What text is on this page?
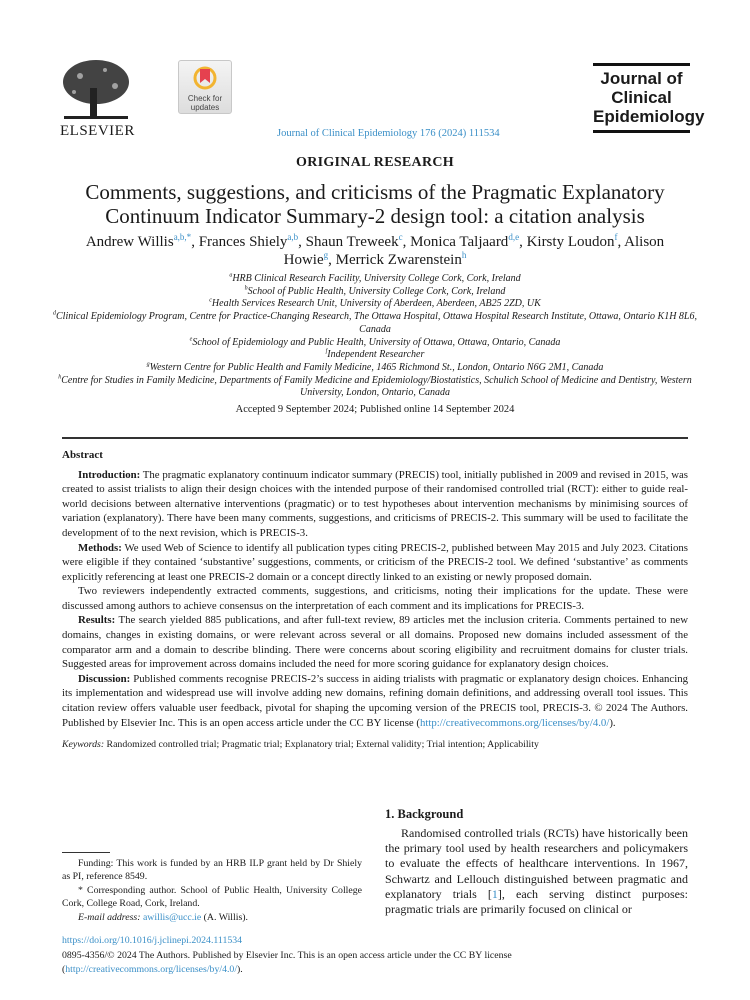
ELSEVIER
Check for updates
Journal of Clinical Epidemiology 176 (2024) 111534
Journal of
Clinical
Epidemiology
ORIGINAL RESEARCH
Comments, suggestions, and criticisms of the Pragmatic Explanatory Continuum Indicator Summary-2 design tool: a citation analysis
Andrew Willis$^{a,b,*}$, Frances Shiely$^{a,b}$, Shaun Treweek$^c$, Monica Taljaard$^{d,e}$, Kirsty Loudon$^f$, Alison Howie$^g$, Merrick Zwarenstein$^h$
$^a$HRB Clinical Research Facility, University College Cork, Cork, Ireland
$^b$School of Public Health, University College Cork, Cork, Ireland
$^c$Health Services Research Unit, University of Aberdeen, Aberdeen, AB25 2ZD, UK
$^d$Clinical Epidemiology Program, Centre for Practice-Changing Research, The Ottawa Hospital, Ottawa Hospital Research Institute, Ottawa, Ontario K1H 8L6, Canada
$^e$School of Epidemiology and Public Health, University of Ottawa, Ottawa, Ontario, Canada
$^f$Independent Researcher
$^g$Western Centre for Public Health and Family Medicine, 1465 Richmond St., London, Ontario N6G 2M1, Canada
$^h$Centre for Studies in Family Medicine, Departments of Family Medicine and Epidemiology/Biostatistics, Schulich School of Medicine and Dentistry, Western University, London, Ontario, Canada
Accepted 9 September 2024; Published online 14 September 2024
Abstract

Introduction: The pragmatic explanatory continuum indicator summary (PRECIS) tool, initially published in 2009 and revised in 2015, was created to assist trialists to align their design choices with the intended purpose of their randomised controlled trial (RCT): either to guide real-world decisions between alternative interventions (pragmatic) or to test hypotheses about intervention mechanisms by minimising sources of variation (explanatory). There have been many comments, suggestions, and criticisms of PRECIS-2. This summary will be used to facilitate the development of to the next revision, which is PRECIS-3.

Methods: We used Web of Science to identify all publication types citing PRECIS-2, published between May 2015 and July 2023. Citations were eligible if they contained ‘substantive’ suggestions, comments, or criticism of the PRECIS-2 tool. We defined ‘substantive’ as comments explicitly referencing at least one PRECIS-2 domain or a concept directly linked to an existing or newly proposed domain.

Two reviewers independently extracted comments, suggestions, and criticisms, noting their implications for the update. These were discussed among authors to achieve consensus on the interpretation of each comment and its implications for PRECIS-3.

Results: The search yielded 885 publications, and after full-text review, 89 articles met the inclusion criteria. Comments pertained to new domains, changes in existing domains, or were relevant across several or all domains. Proposed new domains included assessment of the comparator arm and a domain to describe blinding. There were concerns about scoring eligibility and recruitment domains for cluster trials. Suggested areas for improvement across domains included the need for more scoring guidance for explanatory design choices.

Discussion: Published comments recognise PRECIS-2’s success in aiding trialists with pragmatic or explanatory design choices. Enhancing its implementation and widespread use will involve adding new domains, refining domain definitions, and addressing overall tool issues. This citation review offers valuable user feedback, pivotal for shaping the upcoming version of the PRECIS tool, PRECIS-3. © 2024 The Authors. Published by Elsevier Inc. This is an open access article under the CC BY license (http://creativecommons.org/licenses/by/4.0/).

Keywords: Randomized controlled trial; Pragmatic trial; Explanatory trial; External validity; Trial intention; Applicability

Funding: This work is funded by an HRB ILP grant held by Dr Shiely as PI, reference 8549.

* Corresponding author. School of Public Health, University College Cork, College Road, Cork, Ireland.

E-mail address: awillis@ucc.ie (A. Willis).

1. Background

Randomised controlled trials (RCTs) have historically been the primary tool used by health researchers and policymakers to evaluate the effects of healthcare interventions. In 1967, Schwartz and Lellouch distinguished between pragmatic and explanatory trials [1], each serving distinct purposes: pragmatic trials are primarily focused on clinical or

https://doi.org/10.1016/j.jclinepi.2024.111534
0895-4356/© 2024 The Authors. Published by Elsevier Inc. This is an open access article under the CC BY license (http://creativecommons.org/licenses/by/4.0/).
